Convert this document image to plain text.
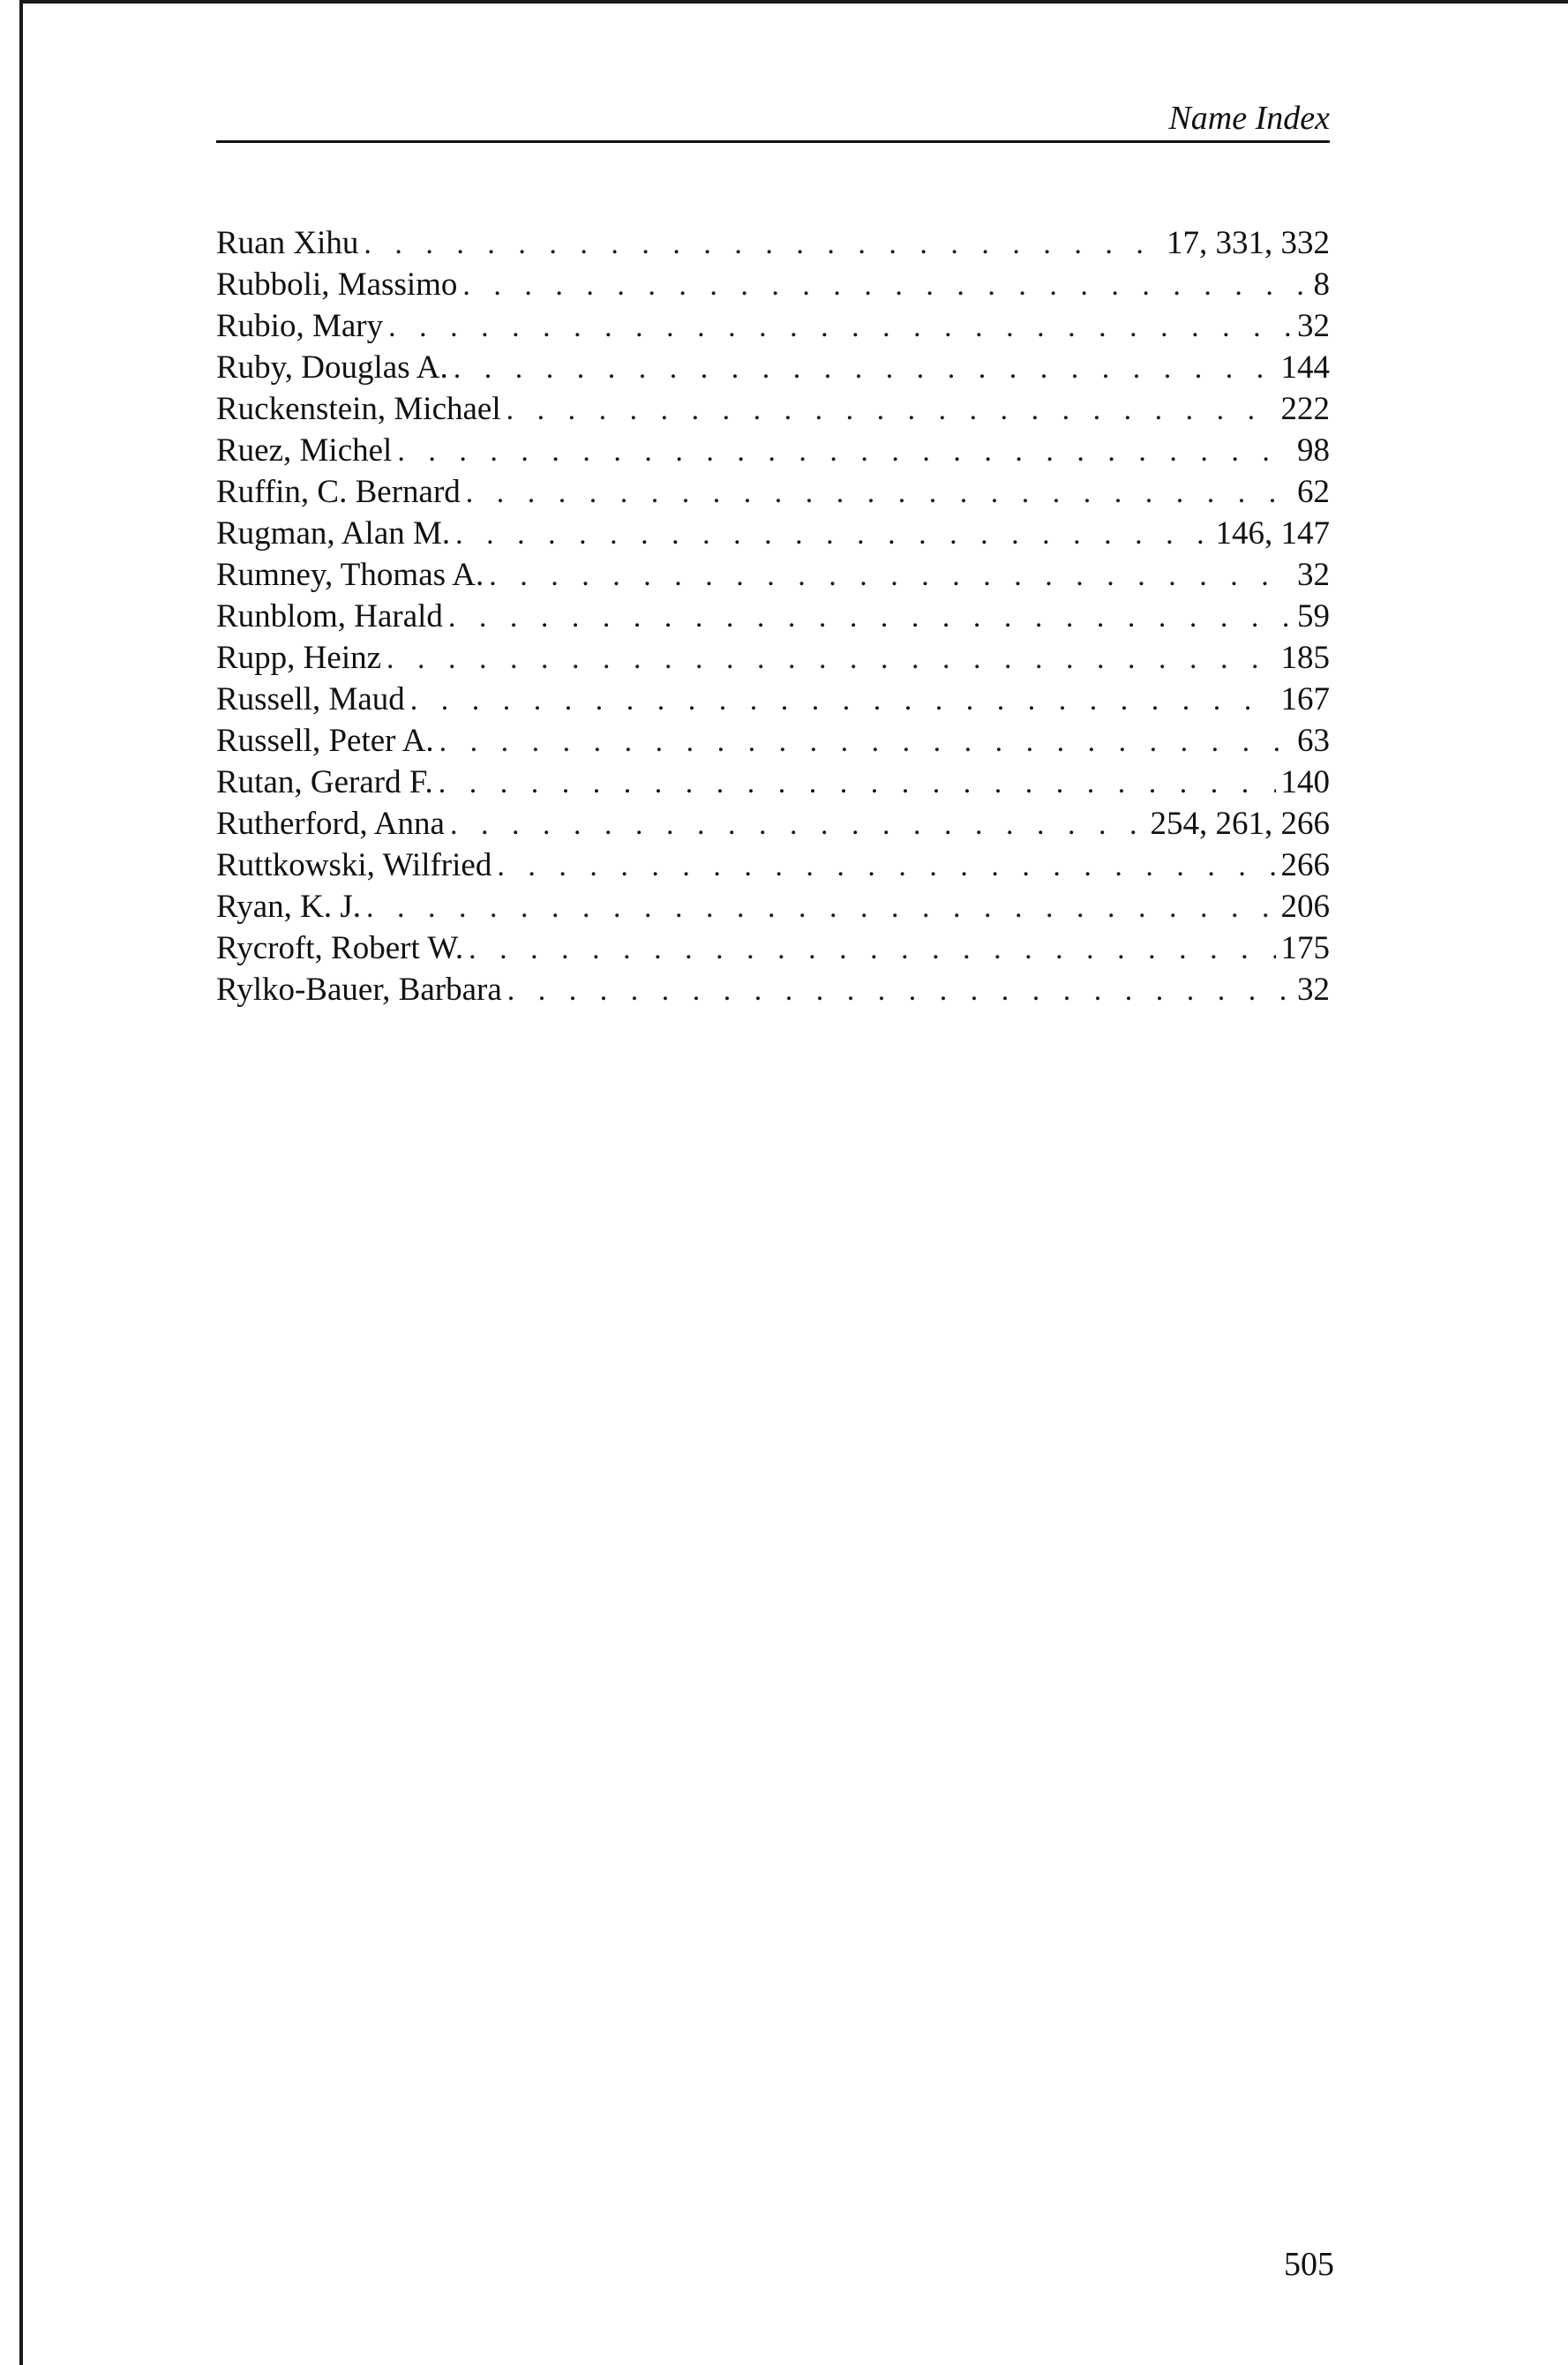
Name Index
Ruan Xihu . . .	17, 331, 332
Rubboli, Massimo . . .	8
Rubio, Mary . . .	32
Ruby, Douglas A. . . .	144
Ruckenstein, Michael . . .	222
Ruez, Michel . . .	98
Ruffin, C. Bernard . . .	62
Rugman, Alan M. . . .	146, 147
Rumney, Thomas A. . . .	32
Runblom, Harald . . .	59
Rupp, Heinz . . .	185
Russell, Maud . . .	167
Russell, Peter A. . . .	63
Rutan, Gerard F. . . .	140
Rutherford, Anna . . .	254, 261, 266
Ruttkowski, Wilfried . . .	266
Ryan, K. J. . . .	206
Rycroft, Robert W. . . .	175
Rylko-Bauer, Barbara . . .	32
505
